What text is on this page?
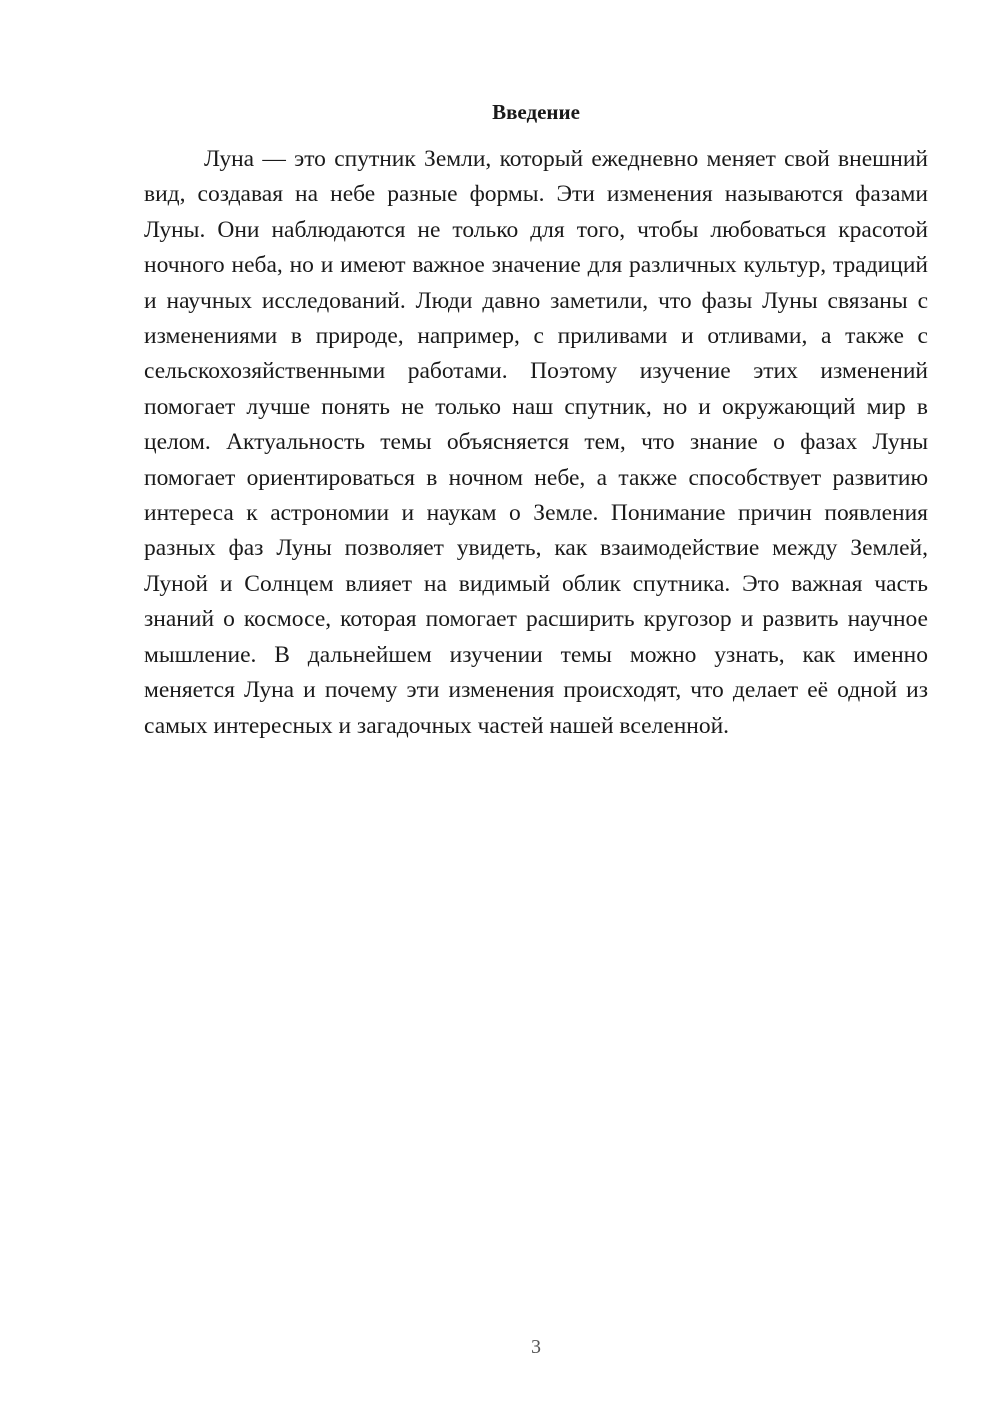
Введение

Луна — это спутник Земли, который ежедневно меняет свой внешний вид, создавая на небе разные формы. Эти изменения называются фазами Луны. Они наблюдаются не только для того, чтобы любоваться красотой ночного неба, но и имеют важное значение для различных культур, традиций и научных исследований. Люди давно заметили, что фазы Луны связаны с изменениями в природе, например, с приливами и отливами, а также с сельскохозяйственными работами. Поэтому изучение этих изменений помогает лучше понять не только наш спутник, но и окружающий мир в целом. Актуальность темы объясняется тем, что знание о фазах Луны помогает ориентироваться в ночном небе, а также способствует развитию интереса к астрономии и наукам о Земле. Понимание причин появления разных фаз Луны позволяет увидеть, как взаимодействие между Землей, Луной и Солнцем влияет на видимый облик спутника. Это важная часть знаний о космосе, которая помогает расширить кругозор и развить научное мышление. В дальнейшем изучении темы можно узнать, как именно меняется Луна и почему эти изменения происходят, что делает её одной из самых интересных и загадочных частей нашей вселенной.

3
